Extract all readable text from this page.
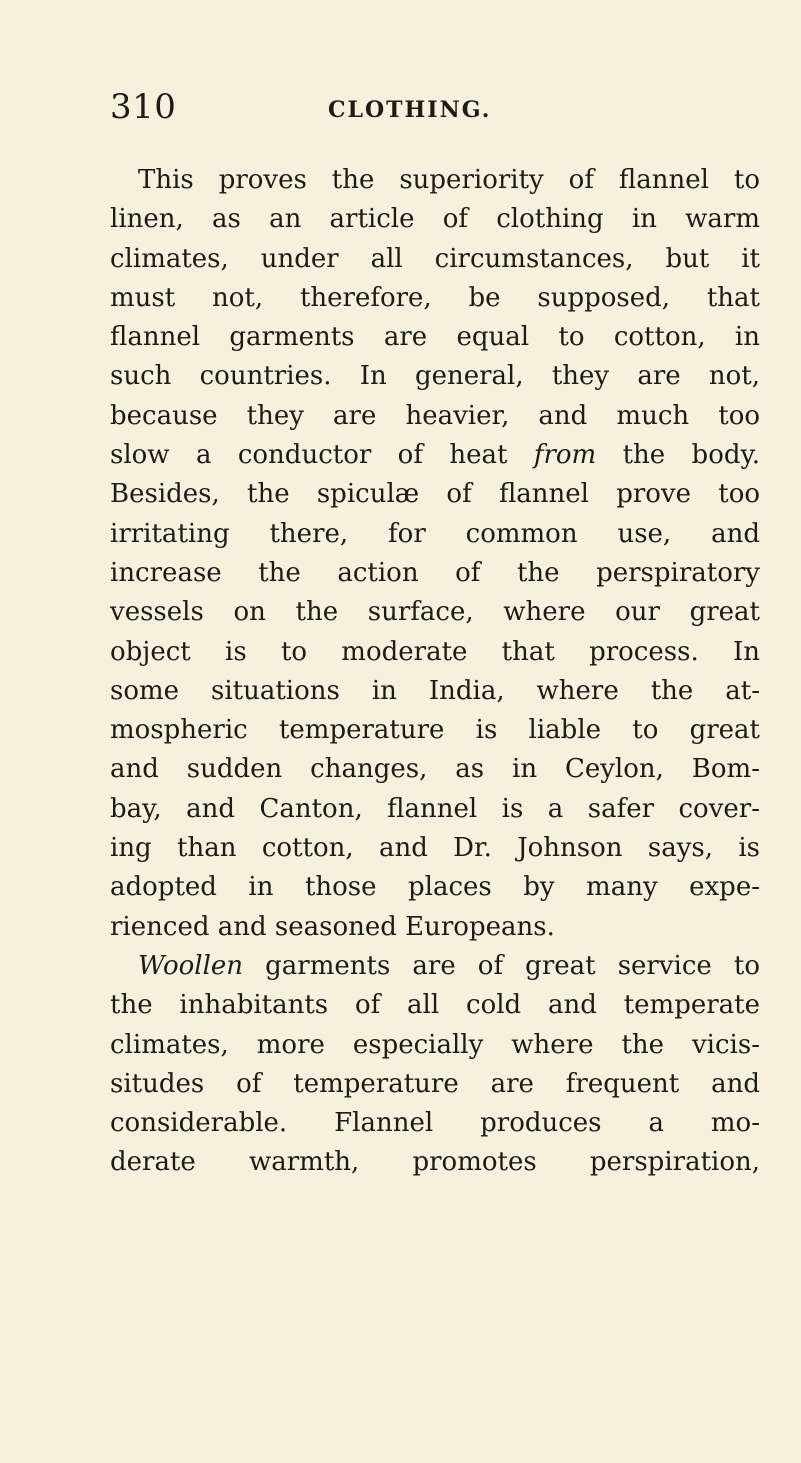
310	CLOTHING.
This proves the superiority of flannel to
linen, as an article of clothing in warm
climates, under all circumstances, but it
must not, therefore, be supposed, that
flannel garments are equal to cotton, in
such countries. In general, they are not,
because they are heavier, and much too
slow a conductor of heat from the body.
Besides, the spiculæ of flannel prove too
irritating there, for common use, and
increase the action of the perspiratory
vessels on the surface, where our great
object is to moderate that process. In
some situations in India, where the at-
mospheric temperature is liable to great
and sudden changes, as in Ceylon, Bom-
bay, and Canton, flannel is a safer cover-
ing than cotton, and Dr. Johnson says, is
adopted in those places by many expe-
rienced and seasoned Europeans.
Woollen garments are of great service to
the inhabitants of all cold and temperate
climates, more especially where the vicis-
situdes of temperature are frequent and
considerable. Flannel produces a mo-
derate warmth, promotes perspiration,
